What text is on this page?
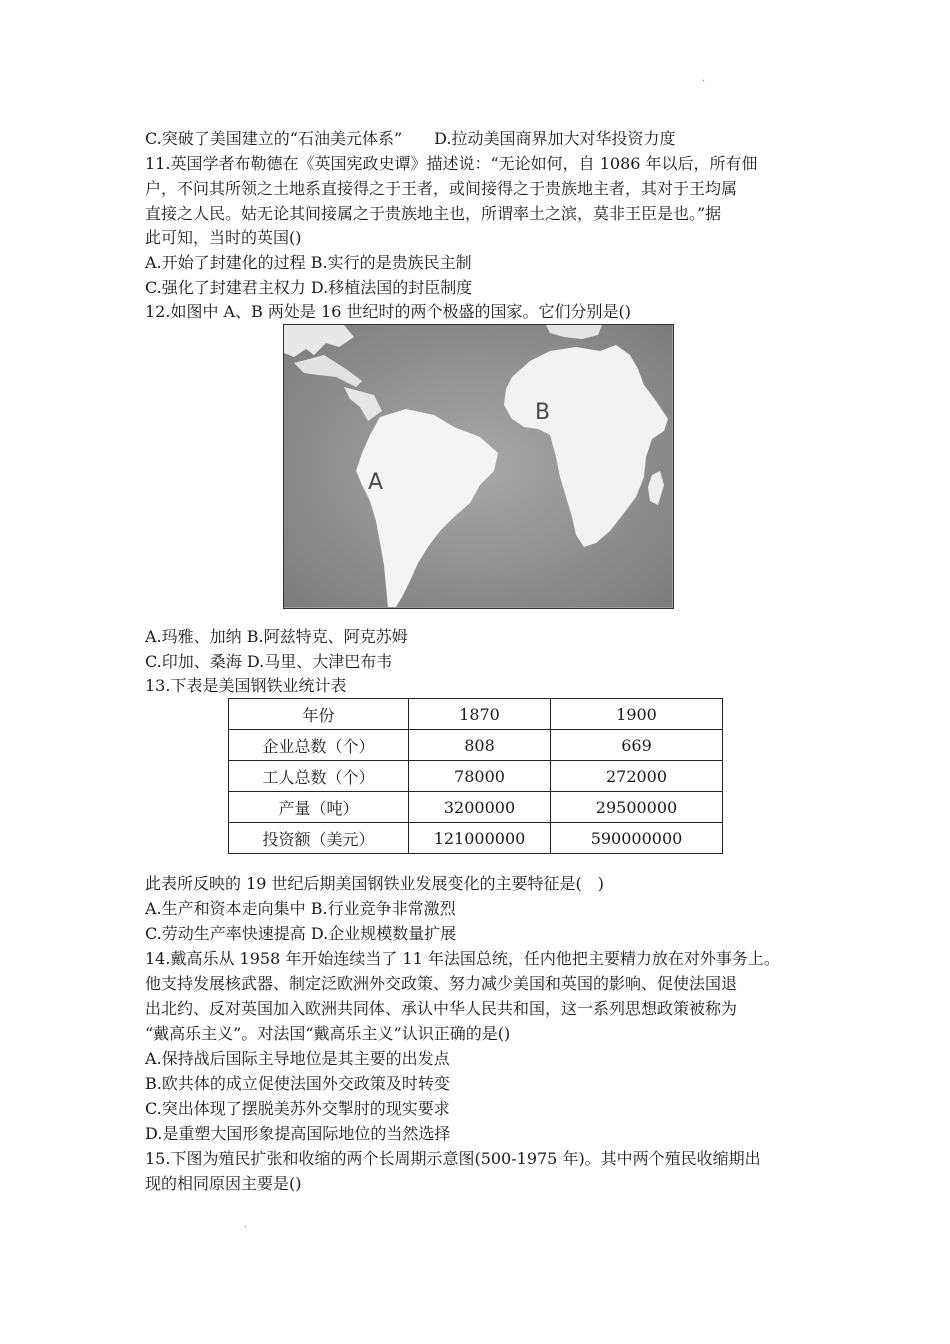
·
C.突破了美国建立的“石油美元体系”　　D.拉动美国商界加大对华投资力度
11.英国学者布勒德在《英国宪政史谭》描述说：“无论如何，自 1086 年以后，所有佃
户，不问其所领之土地系直接得之于王者，或间接得之于贵族地主者，其对于王均属
直接之人民。姑无论其间接属之于贵族地主也，所谓率土之滨，莫非王臣是也。”据
此可知，当时的英国()
A.开始了封建化的过程 B.实行的是贵族民主制
C.强化了封建君主权力 D.移植法国的封臣制度
12.如图中 A、B 两处是 16 世纪时的两个极盛的国家。它们分别是()
A
B
A.玛雅、加纳 B.阿兹特克、阿克苏姆
C.印加、桑海 D.马里、大津巴布韦
13.下表是美国钢铁业统计表
年份	1870	1900
企业总数（个）	808	669
工人总数（个）	78000	272000
产量（吨）	3200000	29500000
投资额（美元）	121000000	590000000
此表所反映的 19 世纪后期美国钢铁业发展变化的主要特征是(　)
A.生产和资本走向集中 B.行业竞争非常激烈
C.劳动生产率快速提高 D.企业规模数量扩展
14.戴高乐从 1958 年开始连续当了 11 年法国总统，任内他把主要精力放在对外事务上。
他支持发展核武器、制定泛欧洲外交政策、努力减少美国和英国的影响、促使法国退
出北约、反对英国加入欧洲共同体、承认中华人民共和国，这一系列思想政策被称为
“戴高乐主义”。对法国“戴高乐主义”认识正确的是()
A.保持战后国际主导地位是其主要的出发点
B.欧共体的成立促使法国外交政策及时转变
C.突出体现了摆脱美苏外交掣肘的现实要求
D.是重塑大国形象提高国际地位的当然选择
15.下图为殖民扩张和收缩的两个长周期示意图(500-1975 年)。其中两个殖民收缩期出
现的相同原因主要是()
·
